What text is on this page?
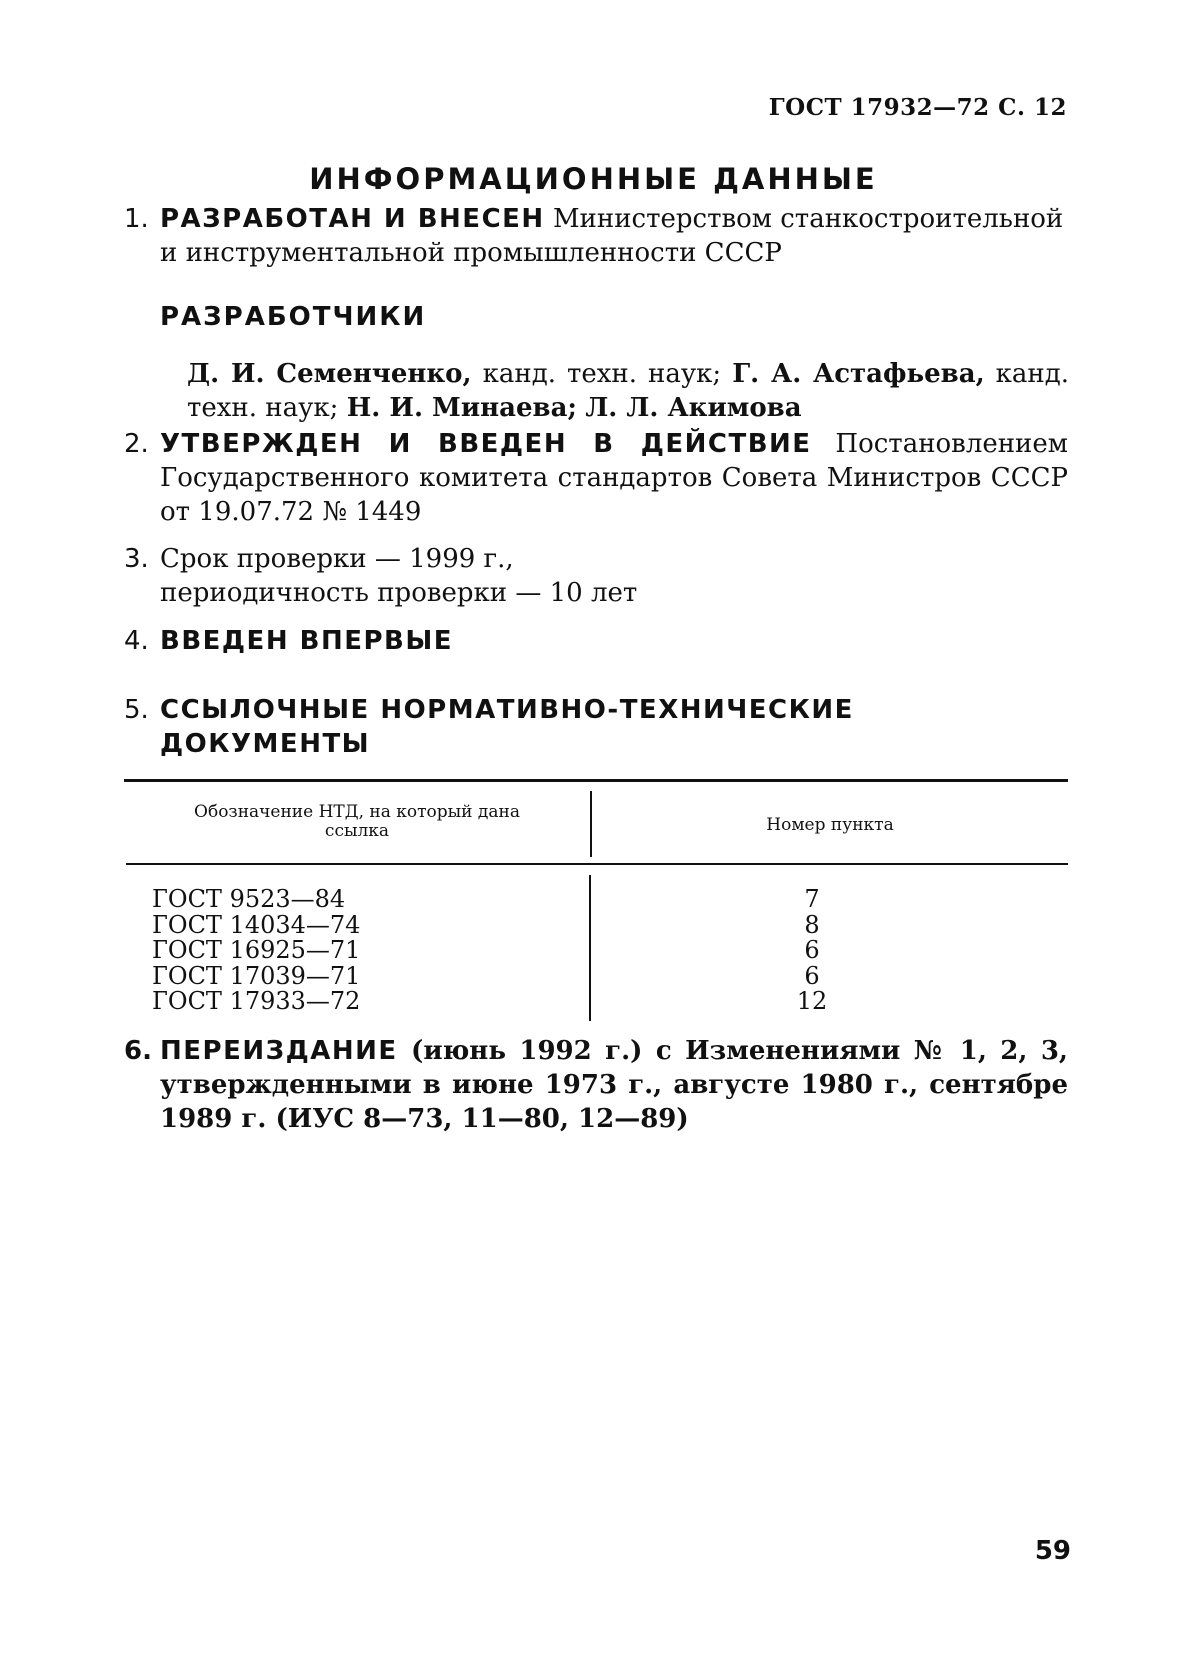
ГОСТ 17932—72 С. 12
ИНФОРМАЦИОННЫЕ ДАННЫЕ
1. РАЗРАБОТАН И ВНЕСЕН Министерством станкостроительной и инструментальной промышленности СССР
РАЗРАБОТЧИКИ
Д. И. Семенченко, канд. техн. наук; Г. А. Астафьева, канд. техн. наук; Н. И. Минаева; Л. Л. Акимова
2. УТВЕРЖДЕН И ВВЕДЕН В ДЕЙСТВИЕ Постановлением Государственного комитета стандартов Совета Министров СССР от 19.07.72 № 1449
3. Срок проверки — 1999 г.,
периодичность проверки — 10 лет
4. ВВЕДЕН ВПЕРВЫЕ
5. ССЫЛОЧНЫЕ НОРМАТИВНО-ТЕХНИЧЕСКИЕ ДОКУМЕНТЫ
Обозначение НТД, на который дана ссылка	Номер пункта
ГОСТ 9523—84
ГОСТ 14034—74
ГОСТ 16925—71
ГОСТ 17039—71
ГОСТ 17933—72
7
8
6
6
12
6. ПЕРЕИЗДАНИЕ (июнь 1992 г.) с Изменениями № 1, 2, 3, утвержденными в июне 1973 г., августе 1980 г., сентябре 1989 г. (ИУС 8—73, 11—80, 12—89)
59
